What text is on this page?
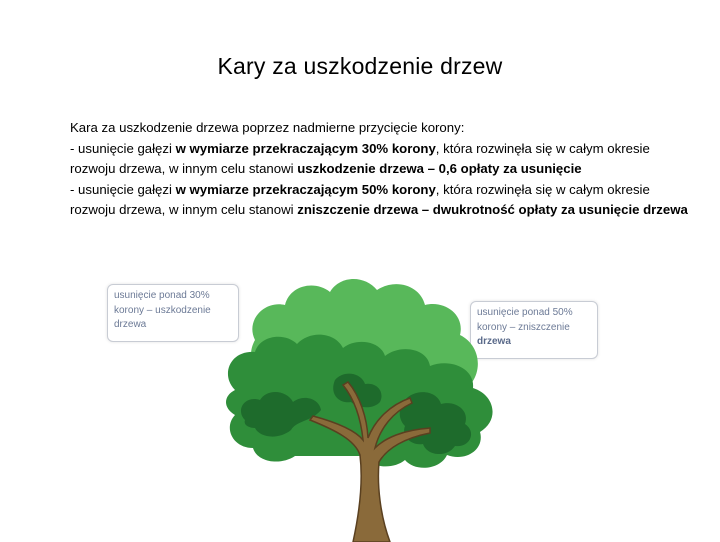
Kary za uszkodzenie drzew

Kara za uszkodzenie drzewa poprzez nadmierne przycięcie korony:

- usunięcie gałęzi w wymiarze przekraczającym 30% korony, która rozwinęła się w całym okresie rozwoju drzewa, w innym celu stanowi uszkodzenie drzewa – 0,6 opłaty za usunięcie

- usunięcie gałęzi w wymiarze przekraczającym 50% korony, która rozwinęła się w całym okresie rozwoju drzewa, w innym celu stanowi zniszczenie drzewa – dwukrotność opłaty za usunięcie drzewa

usunięcie ponad 30% korony – uszkodzenie drzewa
usunięcie ponad 50% korony – zniszczenie drzewa
